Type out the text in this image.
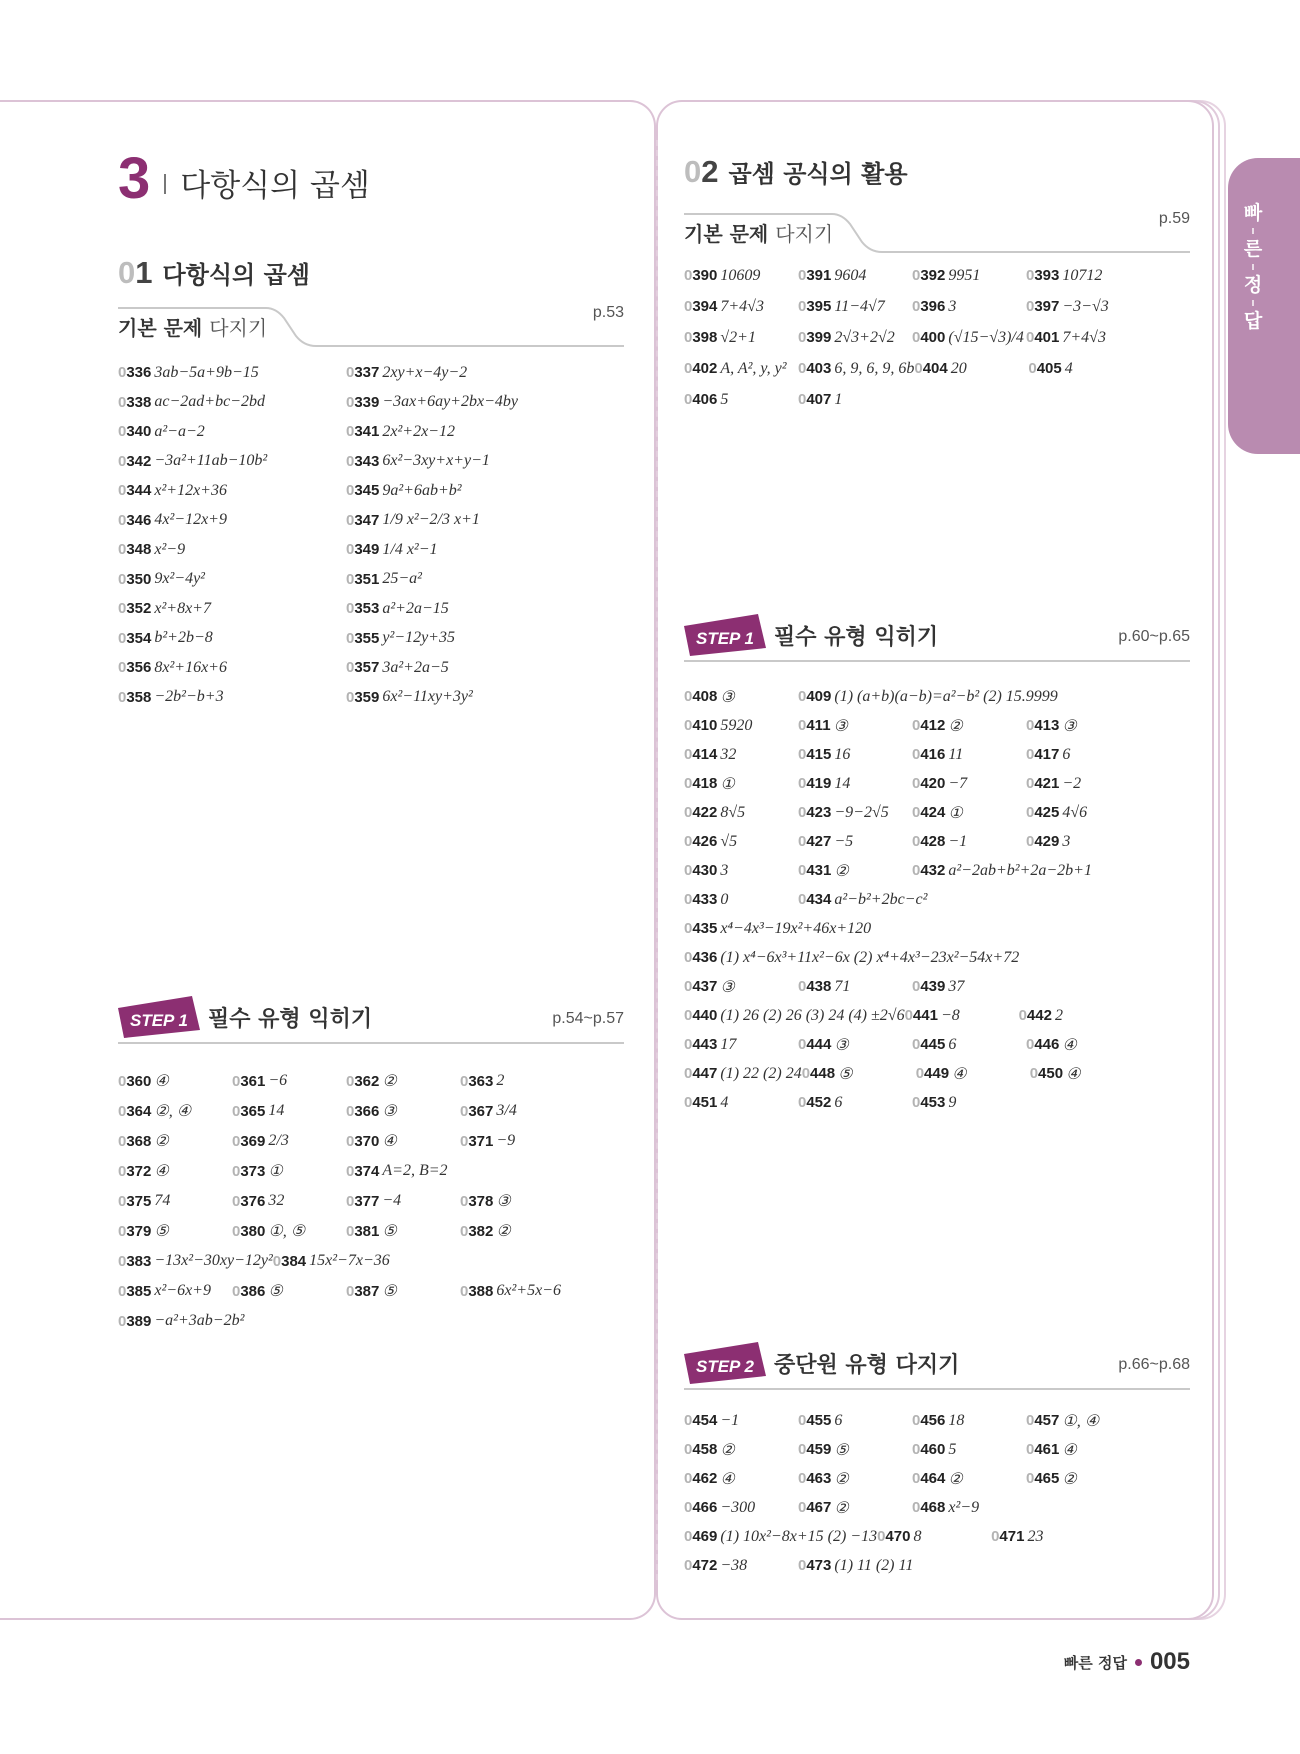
빠
른
정
답
3 다항식의 곱셈
01 다항식의 곱셈
기본 문제 다지기
p.53
0336 3ab−5a+9b−15	0337 2xy+x−4y−2
0338 ac−2ad+bc−2bd	0339 −3ax+6ay+2bx−4by
0340 a²−a−2	0341 2x²+2x−12
0342 −3a²+11ab−10b²	0343 6x²−3xy+x+y−1
0344 x²+12x+36	0345 9a²+6ab+b²
0346 4x²−12x+9	0347 1/9 x²−2/3 x+1
0348 x²−9	0349 1/4 x²−1
0350 9x²−4y²	0351 25−a²
0352 x²+8x+7	0353 a²+2a−15
0354 b²+2b−8	0355 y²−12y+35
0356 8x²+16x+6	0357 3a²+2a−5
0358 −2b²−b+3	0359 6x²−11xy+3y²
STEP 1 필수 유형 익히기	p.54~p.57
0360 ④	0361 −6	0362 ②	0363 2
0364 ②, ④	0365 14	0366 ③	0367 3/4
0368 ②	0369 2/3	0370 ④	0371 −9
0372 ④	0373 ①	0374 A=2, B=2
0375 74	0376 32	0377 −4	0378 ③
0379 ⑤	0380 ①, ⑤	0381 ⑤	0382 ②
0383 −13x²−30xy−12y² 0384 15x²−7x−36
0385 x²−6x+9 0386 ⑤	0387 ⑤	0388 6x²+5x−6
0389 −a²+3ab−2b²
02 곱셈 공식의 활용
기본 문제 다지기
p.59
0390 10609	0391 9604	0392 9951	0393 10712
0394 7+4√3 0395 11−4√7 0396 3	0397 −3−√3
0398 √2+1	0399 2√3+2√2 0400 (√15−√3)/4 0401 7+4√3
0402 A, A², y, y² 0403 6, 9, 6, 9, 6b 0404 20	0405 4
0406 5	0407 1
STEP 1 필수 유형 익히기	p.60~p.65
0408 ③	0409 (1) (a+b)(a−b)=a²−b² (2) 15.9999
0410 5920	0411 ③	0412 ②	0413 ③
0414 32	0415 16	0416 11	0417 6
0418 ①	0419 14	0420 −7	0421 −2
0422 8√5	0423 −9−2√5 0424 ①	0425 4√6
0426 √5	0427 −5	0428 −1	0429 3
0430 3	0431 ②	0432 a²−2ab+b²+2a−2b+1
0433 0	0434 a²−b²+2bc−c²
0435 x⁴−4x³−19x²+46x+120
0436 (1) x⁴−6x³+11x²−6x (2) x⁴+4x³−23x²−54x+72
0437 ③	0438 71	0439 37
0440 (1) 26 (2) 26 (3) 24 (4) ±2√6 0441 −8	0442 2
0443 17	0444 ③	0445 6	0446 ④
0447 (1) 22 (2) 24 0448 ⑤	0449 ④	0450 ④
0451 4	0452 6	0453 9
STEP 2 중단원 유형 다지기	p.66~p.68
0454 −1	0455 6	0456 18	0457 ①, ④
0458 ②	0459 ⑤	0460 5	0461 ④
0462 ④	0463 ②	0464 ②	0465 ②
0466 −300	0467 ②	0468 x²−9
0469 (1) 10x²−8x+15 (2) −13 0470 8	0471 23
0472 −38	0473 (1) 11 (2) 11
빠른 정답 005
